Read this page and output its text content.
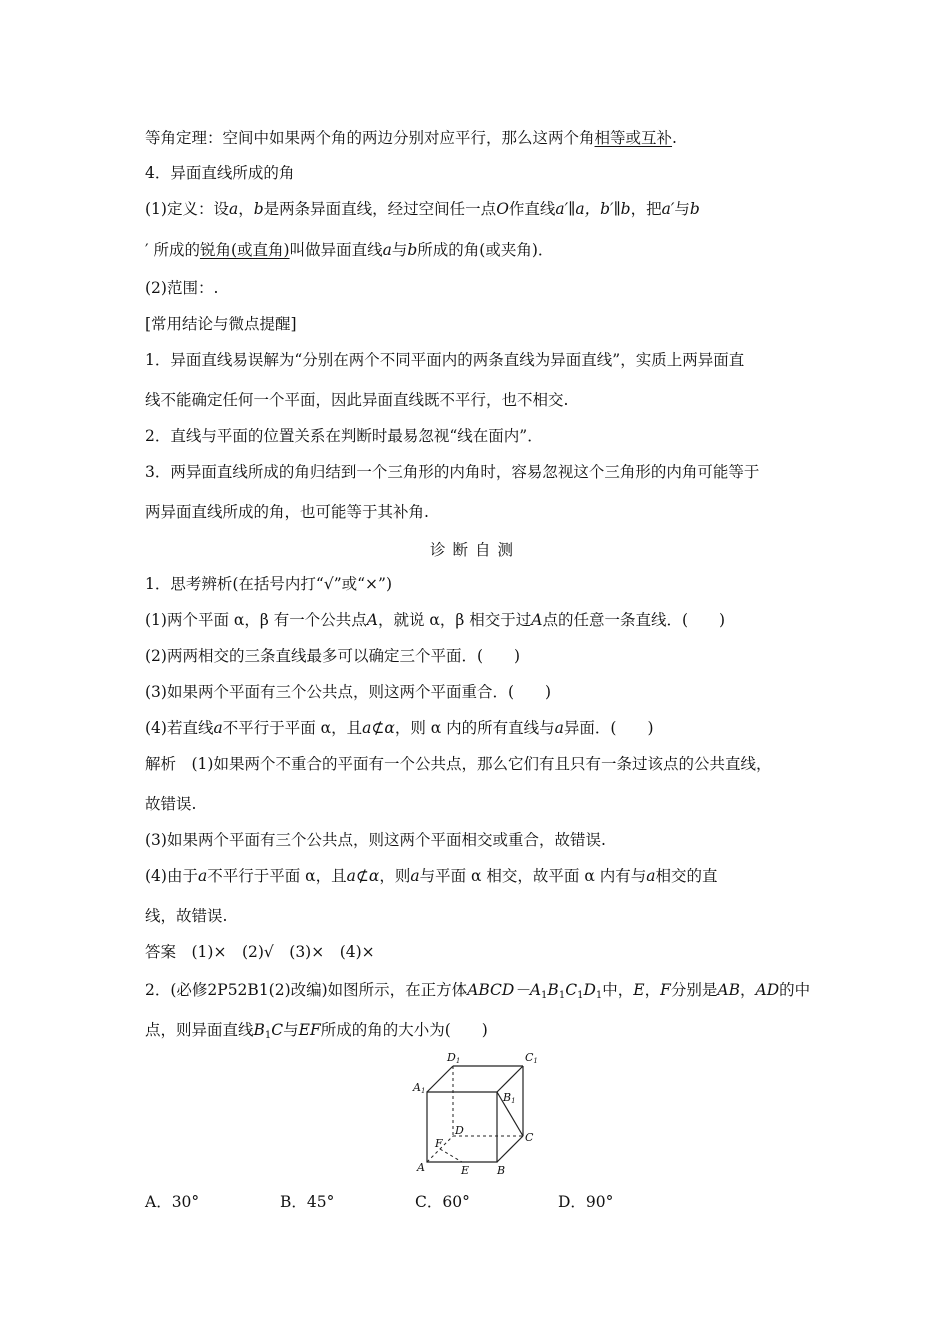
等角定理：空间中如果两个角的两边分别对应平行，那么这两个角相等或互补.
4．异面直线所成的角
(1)定义：设a，b是两条异面直线，经过空间任一点O作直线a′∥a，b′∥b，把a′与b
′ 所成的锐角(或直角)叫做异面直线a与b所成的角(或夹角)．
(2)范围：.
[常用结论与微点提醒]
1．异面直线易误解为“分别在两个不同平面内的两条直线为异面直线”，实质上两异面直
线不能确定任何一个平面，因此异面直线既不平行，也不相交.
2．直线与平面的位置关系在判断时最易忽视“线在面内”．
3．两异面直线所成的角归结到一个三角形的内角时，容易忽视这个三角形的内角可能等于
两异面直线所成的角，也可能等于其补角.
诊断自测
1．思考辨析(在括号内打“√”或“×”)
(1)两个平面 α，β 有一个公共点A，就说 α，β 相交于过A点的任意一条直线．(　　)
(2)两两相交的三条直线最多可以确定三个平面．(　　)
(3)如果两个平面有三个公共点，则这两个平面重合．(　　)
(4)若直线a不平行于平面 α，且a⊄α，则 α 内的所有直线与a异面．(　　)
解析　(1)如果两个不重合的平面有一个公共点，那么它们有且只有一条过该点的公共直线，
故错误.
(3)如果两个平面有三个公共点，则这两个平面相交或重合，故错误.
(4)由于a不平行于平面 α，且a⊄α，则a与平面 α 相交，故平面 α 内有与a相交的直
线，故错误.
答案　(1)×　(2)√　(3)×　(4)×
2．(必修2P52B1(2)改编)如图所示，在正方体$ABCD-A_1B_1C_1D_1$中，E，F分别是AB，AD的中
点，则异面直线$B_1C$与EF所成的角的大小为(　　)
D1	C1
A1	B1
D
C
F
A	E	B
A．30°	B．45°	C．60°	D．90°
